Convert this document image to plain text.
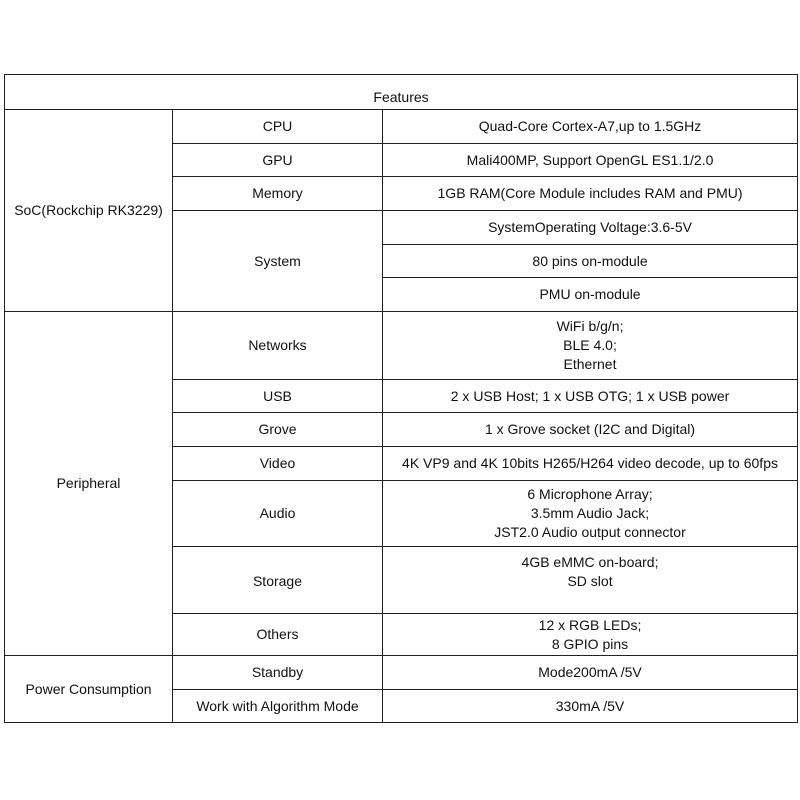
Features		
SoC(Rockchip RK3229)	CPU	Quad-Core Cortex-A7,up to 1.5GHz
	GPU	Mali400MP, Support OpenGL ES1.1/2.0
	Memory	1GB RAM(Core Module includes RAM and PMU)
	System	SystemOperating Voltage:3.6-5V
		80 pins on-module
		PMU on-module
Peripheral	Networks	WiFi b/g/n;
BLE 4.0;
Ethernet

	USB	2 x USB Host; 1 x USB OTG; 1 x USB power
	Grove	1 x Grove socket (I2C and Digital)
	Video	4K VP9 and 4K 10bits H265/H264 video decode, up to 60fps
	Audio	6 Microphone Array;
3.5mm Audio Jack;
JST2.0 Audio output connector

	Storage	4GB eMMC on-board;
SD slot

	Others	12 x RGB LEDs;
8 GPIO pins

Power Consumption	Standby	Mode200mA /5V
	Work with Algorithm Mode	330mA /5V
